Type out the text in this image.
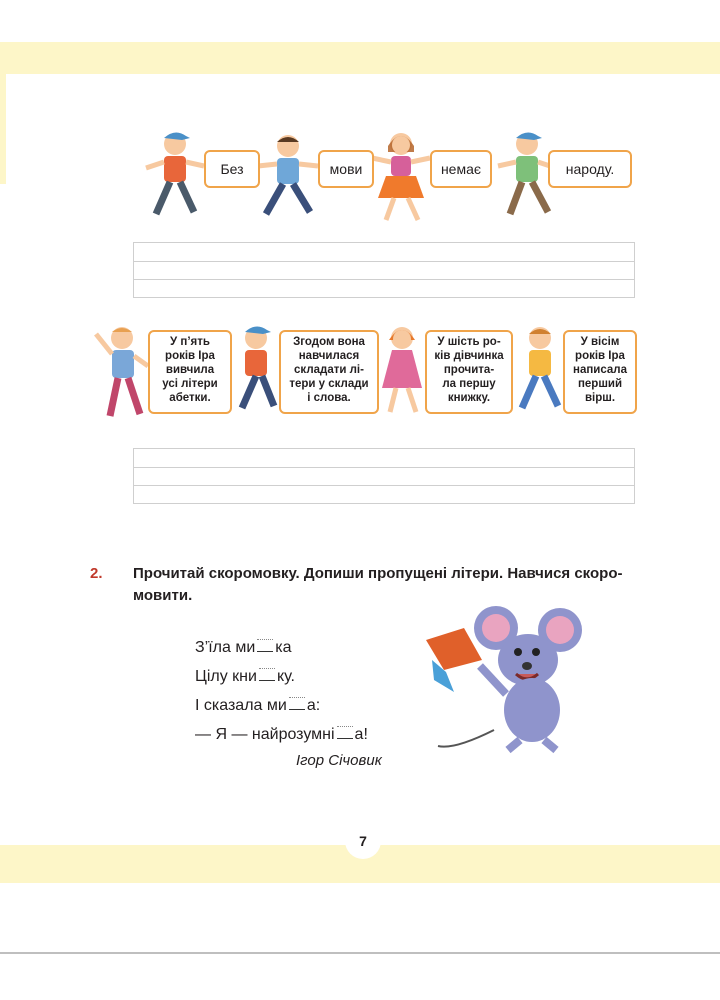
Без	мови	немає	народу.
У п’ять
років Іра
вивчила
усі літери
абетки.
Згодом вона
навчилася
складати лі-
тери у склади
і слова.
У шість ро-
ків дівчинка
прочита-
ла першу
книжку.
У вісім
років Іра
написала
перший
вірш.
2. Прочитай скоромовку. Допиши пропущені літери. Навчися скоро-
мовити.
З’їла ми ка
Цілу кни ку.
І сказала ми а:
— Я — найрозумні а!
Ігор Січовик
7
